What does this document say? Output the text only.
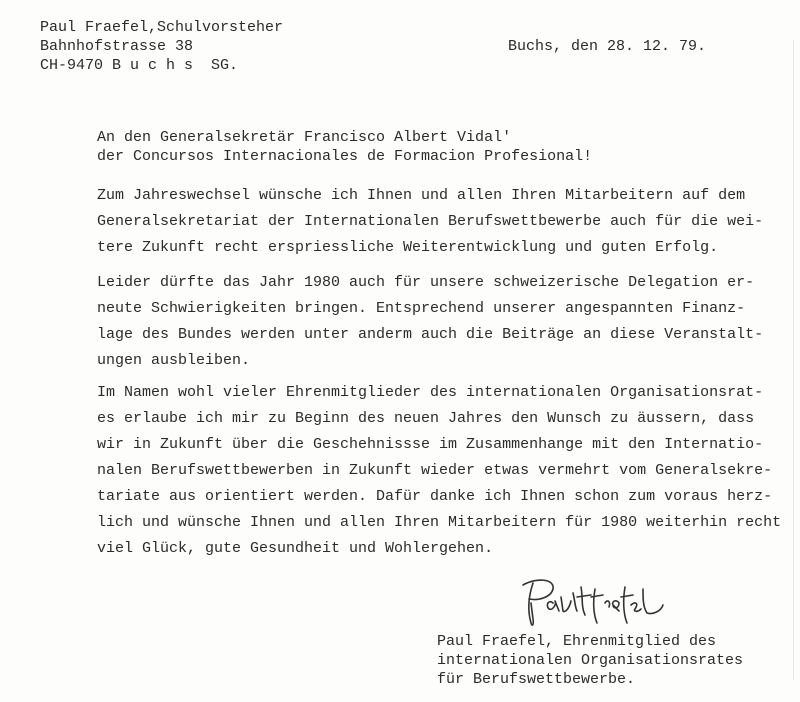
Paul Fraefel,Schulvorsteher
Bahnhofstrasse 38
CH-9470 B u c h s  SG.
Buchs, den 28. 12. 79.
An den Generalsekretär Francisco Albert Vidal'
der Concursos Internacionales de Formacion Profesional!
Zum Jahreswechsel wünsche ich Ihnen und allen Ihren Mitarbeitern auf dem
Generalsekretariat der Internationalen Berufswettbewerbe auch für die wei-
tere Zukunft recht erspriessliche Weiterentwicklung und guten Erfolg.
Leider dürfte das Jahr 1980 auch für unsere schweizerische Delegation er-
neute Schwierigkeiten bringen. Entsprechend unserer angespannten Finanz-
lage des Bundes werden unter anderm auch die Beiträge an diese Veranstalt-
ungen ausbleiben.
Im Namen wohl vieler Ehrenmitglieder des internationalen Organisationsrat-
es erlaube ich mir zu Beginn des neuen Jahres den Wunsch zu äussern, dass
wir in Zukunft über die Geschehnissse im Zusammenhange mit den Internatio-
nalen Berufswettbewerben in Zukunft wieder etwas vermehrt vom Generalsekre-
tariate aus orientiert werden. Dafür danke ich Ihnen schon zum voraus herz-
lich und wünsche Ihnen und allen Ihren Mitarbeitern für 1980 weiterhin recht
viel Glück, gute Gesundheit und Wohlergehen.
Paul Fraefel, Ehrenmitglied des
internationalen Organisationsrates
für Berufswettbewerbe.
